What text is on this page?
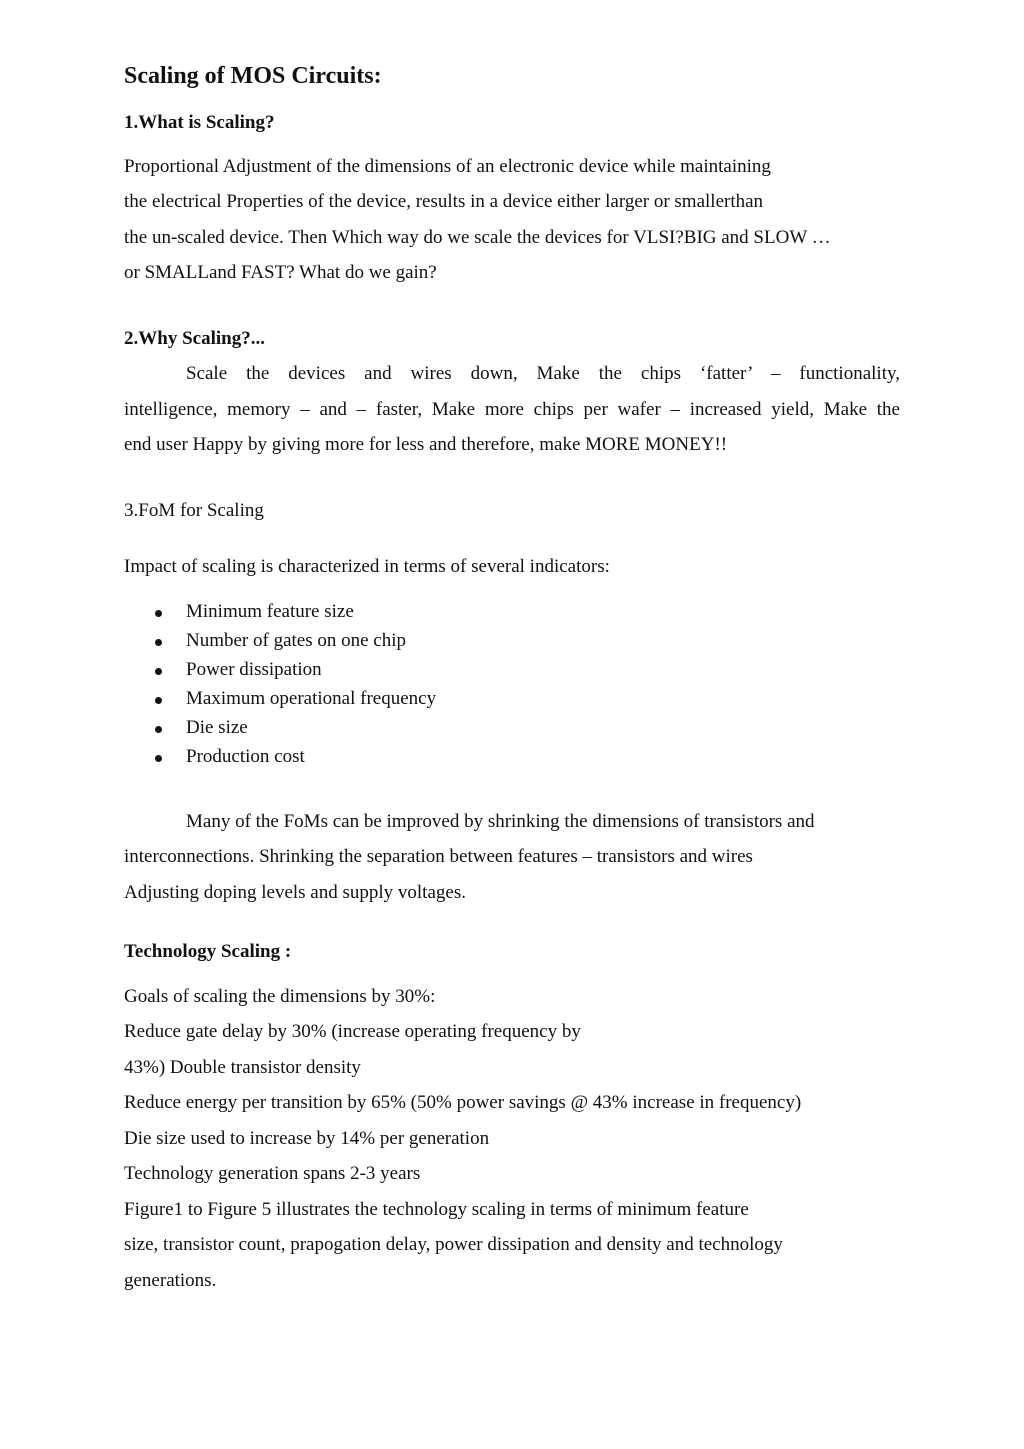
Scaling of MOS Circuits:
1.What is Scaling?
Proportional Adjustment of the dimensions of an electronic device while maintaining
the electrical Properties of the device, results in a device either larger or smallerthan
the un-scaled device. Then Which way do we scale the devices for VLSI?BIG and SLOW …
or SMALLand FAST? What do we gain?
2.Why Scaling?...
Scale the devices and wires down, Make the chips ‘fatter’ – functionality,
intelligence, memory – and – faster, Make more chips per wafer – increased yield, Make the
end user Happy by giving more for less and therefore, make MORE MONEY!!
3.FoM for Scaling
Impact of scaling is characterized in terms of several indicators:
Minimum feature size
Number of gates on one chip
Power dissipation
Maximum operational frequency
Die size
Production cost
Many of the FoMs can be improved by shrinking the dimensions of transistors and
interconnections. Shrinking the separation between features – transistors and wires
Adjusting doping levels and supply voltages.
Technology Scaling :
Goals of scaling the dimensions by 30%:
Reduce gate delay by 30% (increase operating frequency by
43%) Double transistor density
Reduce energy per transition by 65% (50% power savings @ 43% increase in frequency)
Die size used to increase by 14% per generation
Technology generation spans 2-3 years
Figure1 to Figure 5 illustrates the technology scaling in terms of minimum feature
size, transistor count, prapogation delay, power dissipation and density and technology
generations.
